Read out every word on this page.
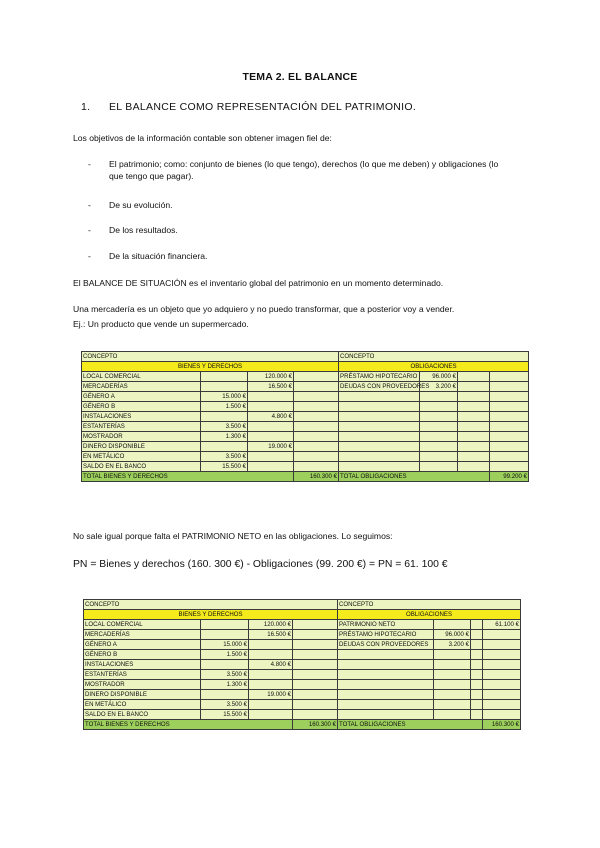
TEMA 2. EL BALANCE
1. EL BALANCE COMO REPRESENTACIÓN DEL PATRIMONIO.
Los objetivos de la información contable son obtener imagen fiel de:
- El patrimonio; como: conjunto de bienes (lo que tengo), derechos (lo que me deben) y obligaciones (lo que tengo que pagar).
- De su evolución.
- De los resultados.
- De la situación financiera.
El BALANCE DE SITUACIÓN es el inventario global del patrimonio en un momento determinado.
Una mercadería es un objeto que yo adquiero y no puedo transformar, que a posterior voy a vender.
Ej.: Un producto que vende un supermercado.
CONCEPTO				CONCEPTO			
BIENES Y DERECHOS				OBLIGACIONES			
LOCAL COMERCIAL		120.000 €		PRÉSTAMO HIPOTECARIO	96.000 €		
MERCADERÍAS		16.500 €		DEUDAS CON PROVEEDORES	3.200 €		
GÉNERO A	15.000 €						
GÉNERO B	1.500 €						
INSTALACIONES		4.800 €					
ESTANTERÍAS	3.500 €						
MOSTRADOR	1.300 €						
DINERO DISPONIBLE		19.000 €					
EN METÁLICO	3.500 €						
SALDO EN EL BANCO	15.500 €						
TOTAL BIENES Y DERECHOS			160.300 €	TOTAL OBLIGACIONES			99.200 €
No sale igual porque falta el PATRIMONIO NETO en las obligaciones. Lo seguimos:
PN = Bienes y derechos (160. 300 €) - Obligaciones (99. 200 €) = PN = 61. 100 €
CONCEPTO				CONCEPTO			
BIENES Y DERECHOS				OBLIGACIONES			
LOCAL COMERCIAL		120.000 €		PATRIMONIO NETO			61.100 €
MERCADERÍAS		16.500 €		PRÉSTAMO HIPOTECARIO	96.000 €		
GÉNERO A	15.000 €			DEUDAS CON PROVEEDORES	3.200 €		
GÉNERO B	1.500 €						
INSTALACIONES		4.800 €					
ESTANTERÍAS	3.500 €						
MOSTRADOR	1.300 €						
DINERO DISPONIBLE		19.000 €					
EN METÁLICO	3.500 €						
SALDO EN EL BANCO	15.500 €						
TOTAL BIENES Y DERECHOS			160.300 €	TOTAL OBLIGACIONES			160.300 €
